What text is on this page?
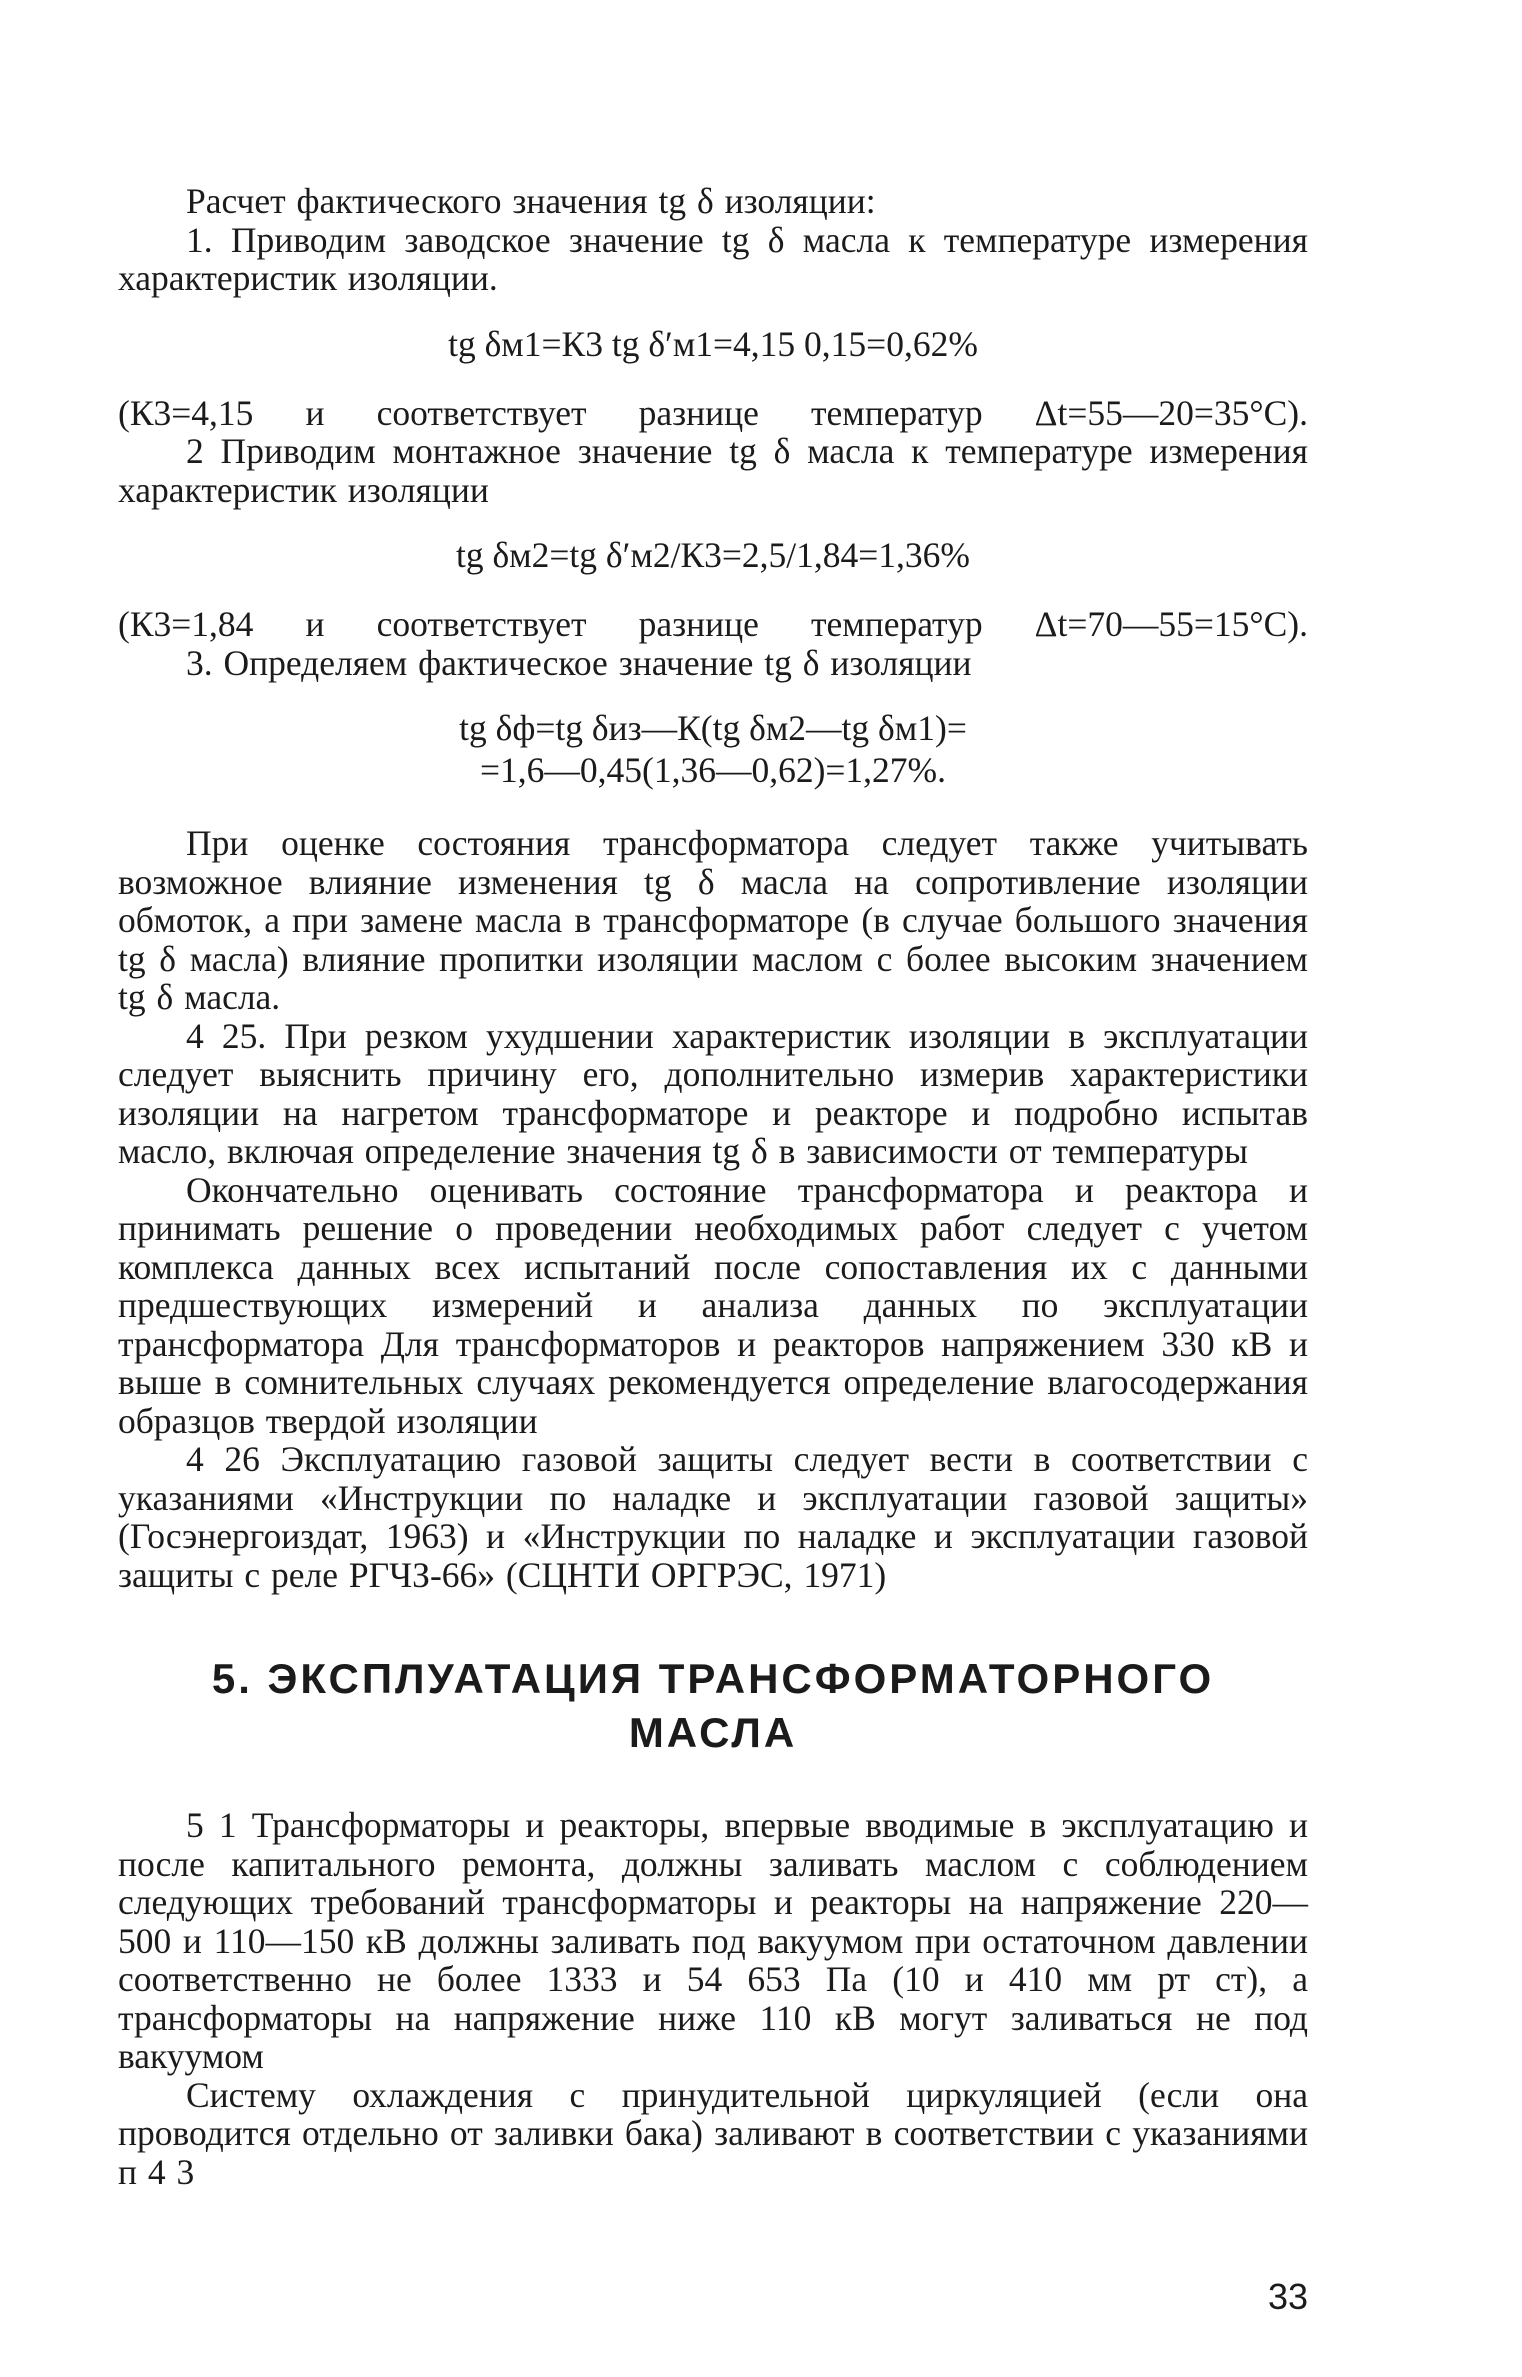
Расчет фактического значения tg δ изоляции:

1. Приводим заводское значение tg δ масла к температуре измерения характеристик изоляции.

tg δм1=К3 tg δ′м1=4,15 0,15=0,62%

(К3=4,15 и соответствует разнице температур Δt=55—20=35°С).

2 Приводим монтажное значение tg δ масла к температуре измерения характеристик изоляции

tg δм2=tg δ′м2/К3=2,5/1,84=1,36%

(К3=1,84 и соответствует разнице температур Δt=70—55=15°С).

3. Определяем фактическое значение tg δ изоляции

tg δф=tg δиз—К(tg δм2—tg δм1)=
=1,6—0,45(1,36—0,62)=1,27%.

При оценке состояния трансформатора следует также учитывать возможное влияние изменения tg δ масла на сопротивление изоляции обмоток, а при замене масла в трансформаторе (в случае большого значения tg δ масла) влияние пропитки изоляции маслом с более высоким значением tg δ масла.

4 25. При резком ухудшении характеристик изоляции в эксплуатации следует выяснить причину его, дополнительно измерив характеристики изоляции на нагретом трансформаторе и реакторе и подробно испытав масло, включая определение значения tg δ в зависимости от температуры

Окончательно оценивать состояние трансформатора и реактора и принимать решение о проведении необходимых работ следует с учетом комплекса данных всех испытаний после сопоставления их с данными предшествующих измерений и анализа данных по эксплуатации трансформатора Для трансформаторов и реакторов напряжением 330 кВ и выше в сомнительных случаях рекомендуется определение влагосодержания образцов твердой изоляции

4 26 Эксплуатацию газовой защиты следует вести в соответствии с указаниями «Инструкции по наладке и эксплуатации газовой защиты» (Госэнергоиздат, 1963) и «Инструкции по наладке и эксплуатации газовой защиты с реле РГЧЗ-66» (СЦНТИ ОРГРЭС, 1971)

5. ЭКСПЛУАТАЦИЯ ТРАНСФОРМАТОРНОГО
МАСЛА

5 1 Трансформаторы и реакторы, впервые вводимые в эксплуатацию и после капитального ремонта, должны заливать маслом с соблюдением следующих требований трансформаторы и реакторы на напряжение 220—500 и 110—150 кВ должны заливать под вакуумом при остаточном давлении соответственно не более 1333 и 54 653 Па (10 и 410 мм рт ст), а трансформаторы на напряжение ниже 110 кВ могут заливаться не под вакуумом

Систему охлаждения с принудительной циркуляцией (если она проводится отдельно от заливки бака) заливают в соответствии с указаниями п 4 3

33
